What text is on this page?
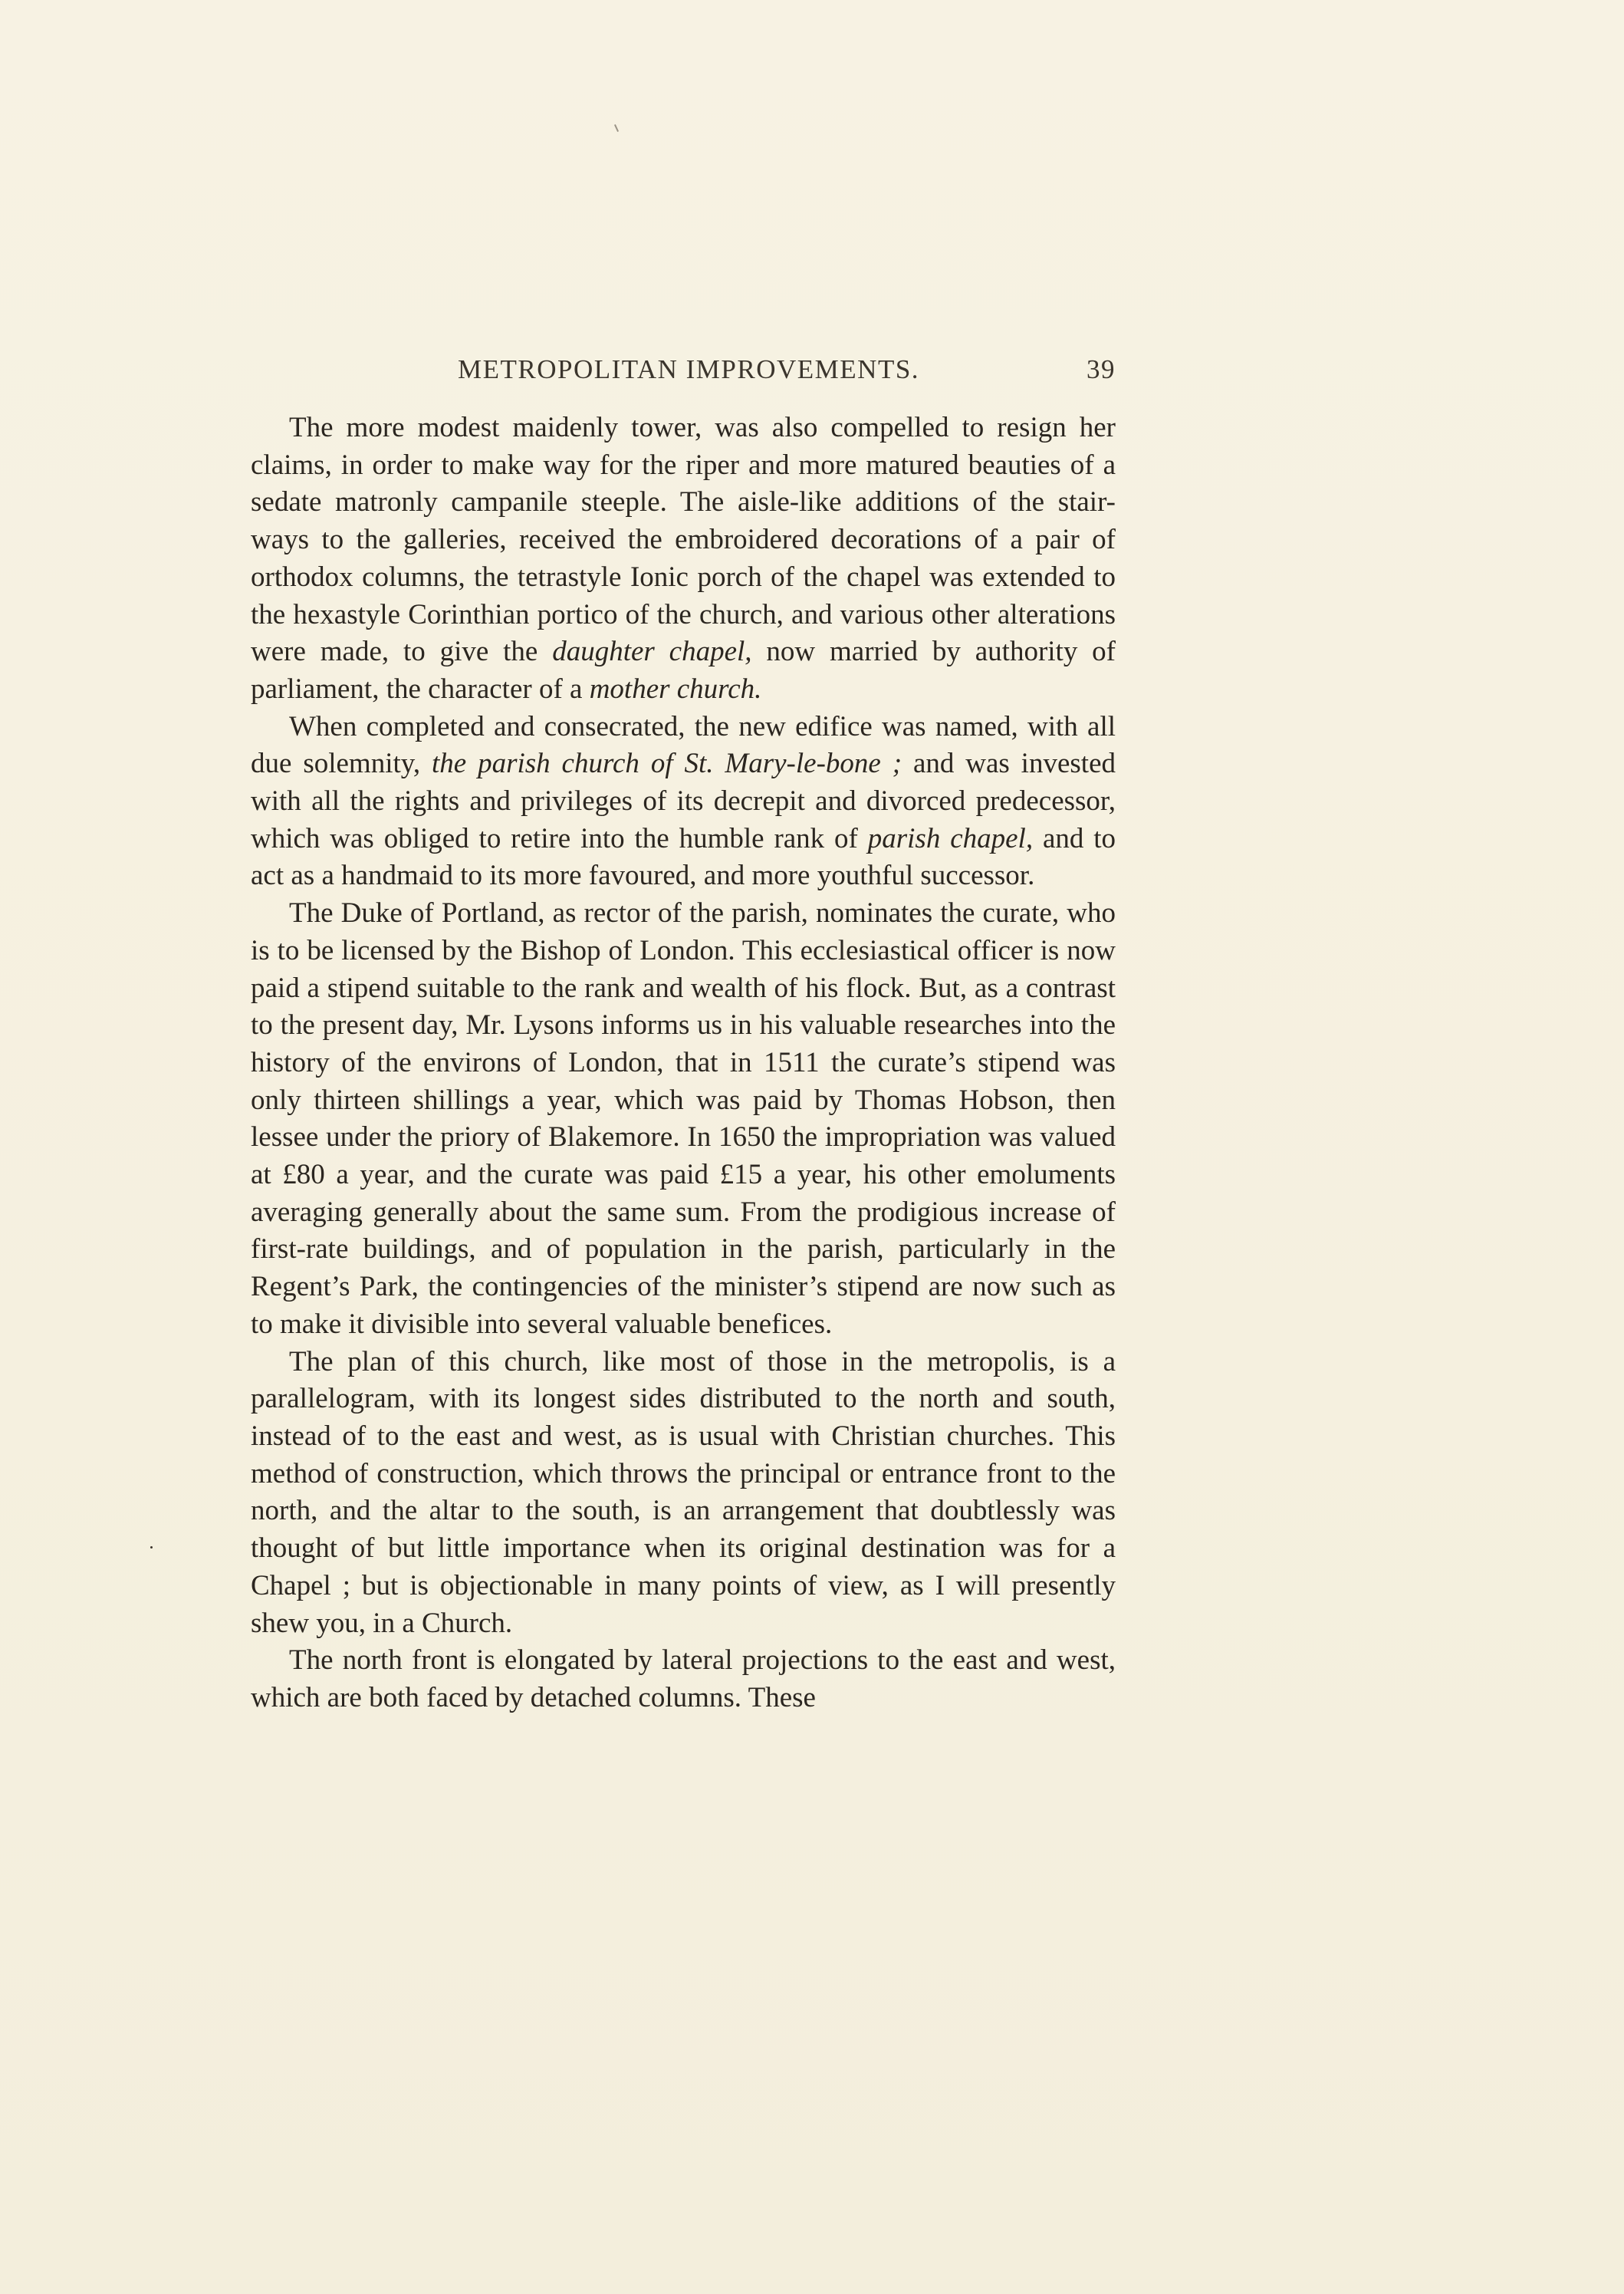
METROPOLITAN IMPROVEMENTS.	39

The more modest maidenly tower, was also compelled to resign her claims, in order to make way for the riper and more matured beauties of a sedate matronly campanile steeple. The aisle-like additions of the stair-ways to the galleries, received the embroidered decorations of a pair of orthodox columns, the tetrastyle Ionic porch of the chapel was extended to the hexastyle Corinthian portico of the church, and various other alterations were made, to give the daughter chapel, now married by authority of parliament, the character of a mother church.

When completed and consecrated, the new edifice was named, with all due solemnity, the parish church of St. Mary-le-bone ; and was invested with all the rights and privileges of its decrepit and divorced predecessor, which was obliged to retire into the humble rank of parish chapel, and to act as a handmaid to its more favoured, and more youthful successor.

The Duke of Portland, as rector of the parish, nominates the curate, who is to be licensed by the Bishop of London. This ecclesiastical officer is now paid a stipend suitable to the rank and wealth of his flock. But, as a contrast to the present day, Mr. Lysons informs us in his valuable researches into the history of the environs of London, that in 1511 the curate’s stipend was only thirteen shillings a year, which was paid by Thomas Hobson, then lessee under the priory of Blakemore. In 1650 the impropriation was valued at £80 a year, and the curate was paid £15 a year, his other emoluments averaging generally about the same sum. From the prodigious increase of first-rate buildings, and of population in the parish, particularly in the Regent’s Park, the contingencies of the minister’s stipend are now such as to make it divisible into several valuable benefices.

The plan of this church, like most of those in the metropolis, is a parallelogram, with its longest sides distributed to the north and south, instead of to the east and west, as is usual with Christian churches. This method of construction, which throws the principal or entrance front to the north, and the altar to the south, is an arrangement that doubtlessly was thought of but little importance when its original destination was for a Chapel ; but is objectionable in many points of view, as I will presently shew you, in a Church.

The north front is elongated by lateral projections to the east and west, which are both faced by detached columns. These
